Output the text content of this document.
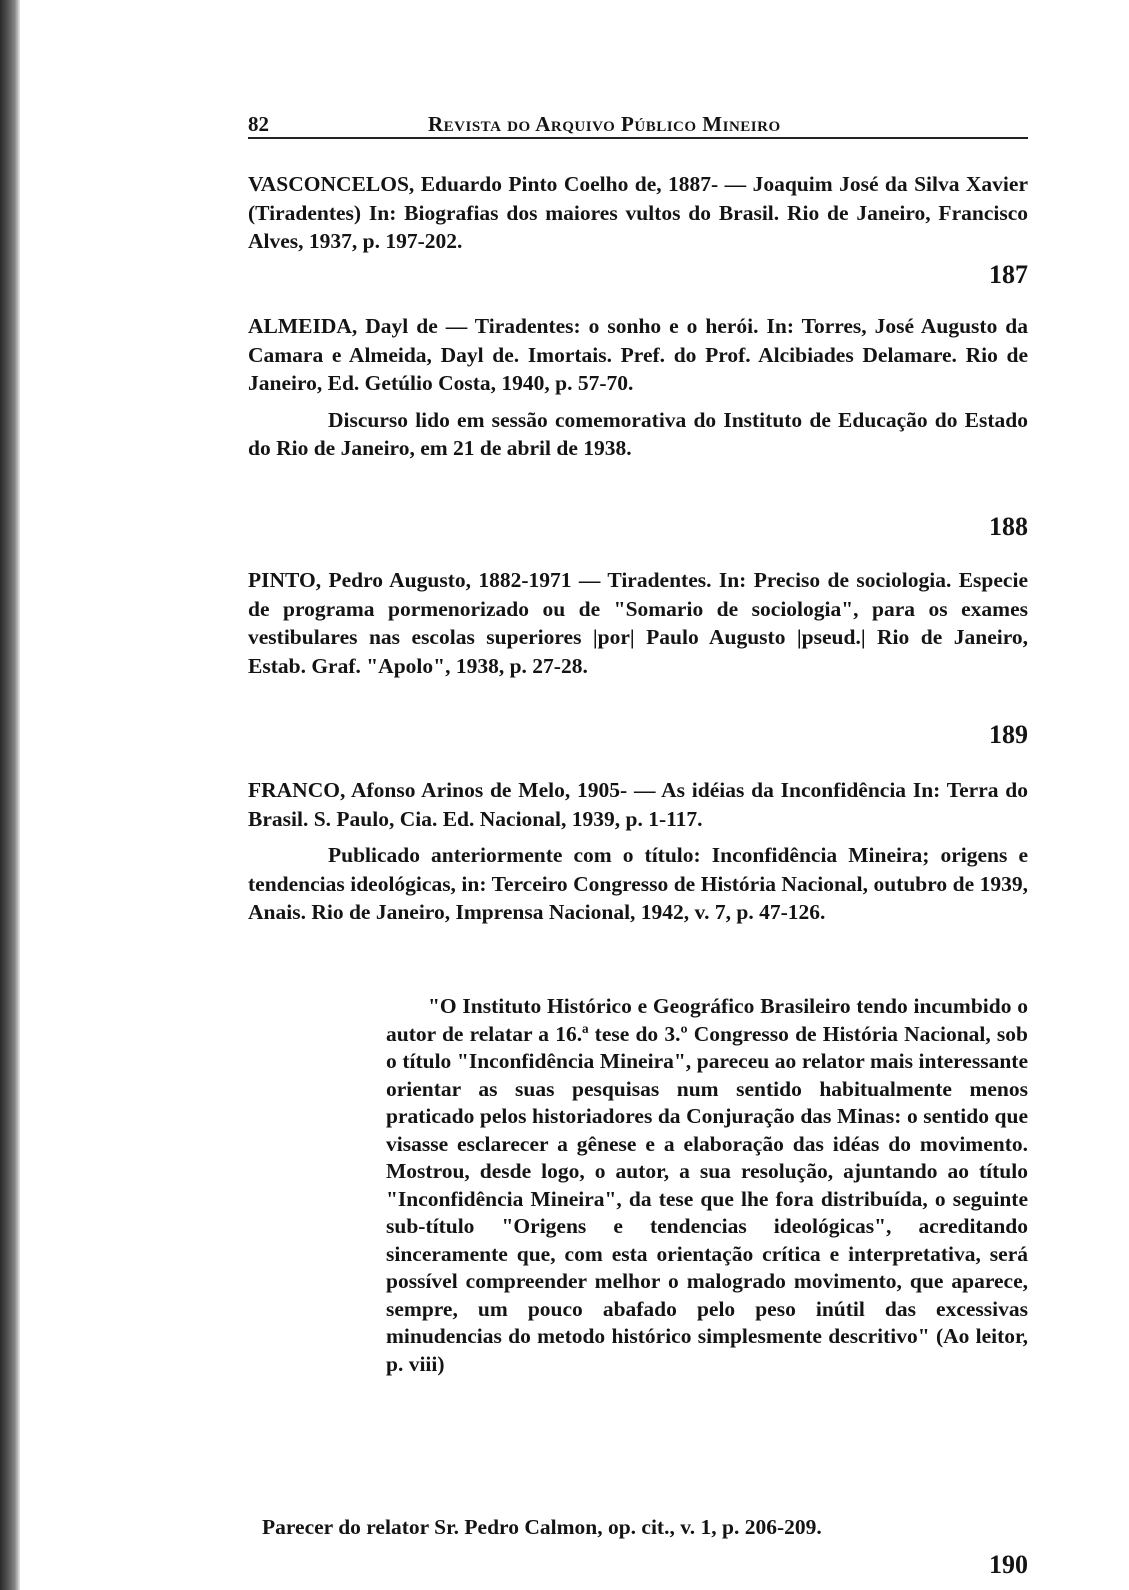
82	Revista do Arquivo Público Mineiro
VASCONCELOS, Eduardo Pinto Coelho de, 1887- — Joaquim José da Silva Xavier (Tiradentes) In: Biografias dos maiores vultos do Brasil. Rio de Janeiro, Francisco Alves, 1937, p. 197-202.
187
ALMEIDA, Dayl de — Tiradentes: o sonho e o herói. In: Torres, José Augusto da Camara e Almeida, Dayl de. Imortais. Pref. do Prof. Alcibiades Delamare. Rio de Janeiro, Ed. Getúlio Costa, 1940, p. 57-70.
Discurso lido em sessão comemorativa do Instituto de Educação do Estado do Rio de Janeiro, em 21 de abril de 1938.
188
PINTO, Pedro Augusto, 1882-1971 — Tiradentes. In: Preciso de sociologia. Especie de programa pormenorizado ou de "Somario de sociologia", para os exames vestibulares nas escolas superiores |por| Paulo Augusto |pseud.| Rio de Janeiro, Estab. Graf. "Apolo", 1938, p. 27-28.
189
FRANCO, Afonso Arinos de Melo, 1905- — As idéias da Inconfidência In: Terra do Brasil. S. Paulo, Cia. Ed. Nacional, 1939, p. 1-117.
Publicado anteriormente com o título: Inconfidência Mineira; origens e tendencias ideológicas, in: Terceiro Congresso de História Nacional, outubro de 1939, Anais. Rio de Janeiro, Imprensa Nacional, 1942, v. 7, p. 47-126.
"O Instituto Histórico e Geográfico Brasileiro tendo incumbido o autor de relatar a 16.ª tese do 3.º Congresso de História Nacional, sob o título "Inconfidência Mineira", pareceu ao relator mais interessante orientar as suas pesquisas num sentido habitualmente menos praticado pelos historiadores da Conjuração das Minas: o sentido que visasse esclarecer a gênese e a elaboração das idéas do movimento. Mostrou, desde logo, o autor, a sua resolução, ajuntando ao título "Inconfidência Mineira", da tese que lhe fora distribuída, o seguinte sub-título "Origens e tendencias ideológicas", acreditando sinceramente que, com esta orientação crítica e interpretativa, será possível compreender melhor o malogrado movimento, que aparece, sempre, um pouco abafado pelo peso inútil das excessivas minudencias do metodo histórico simplesmente descritivo" (Ao leitor, p. viii)
Parecer do relator Sr. Pedro Calmon, op. cit., v. 1, p. 206-209.
190
